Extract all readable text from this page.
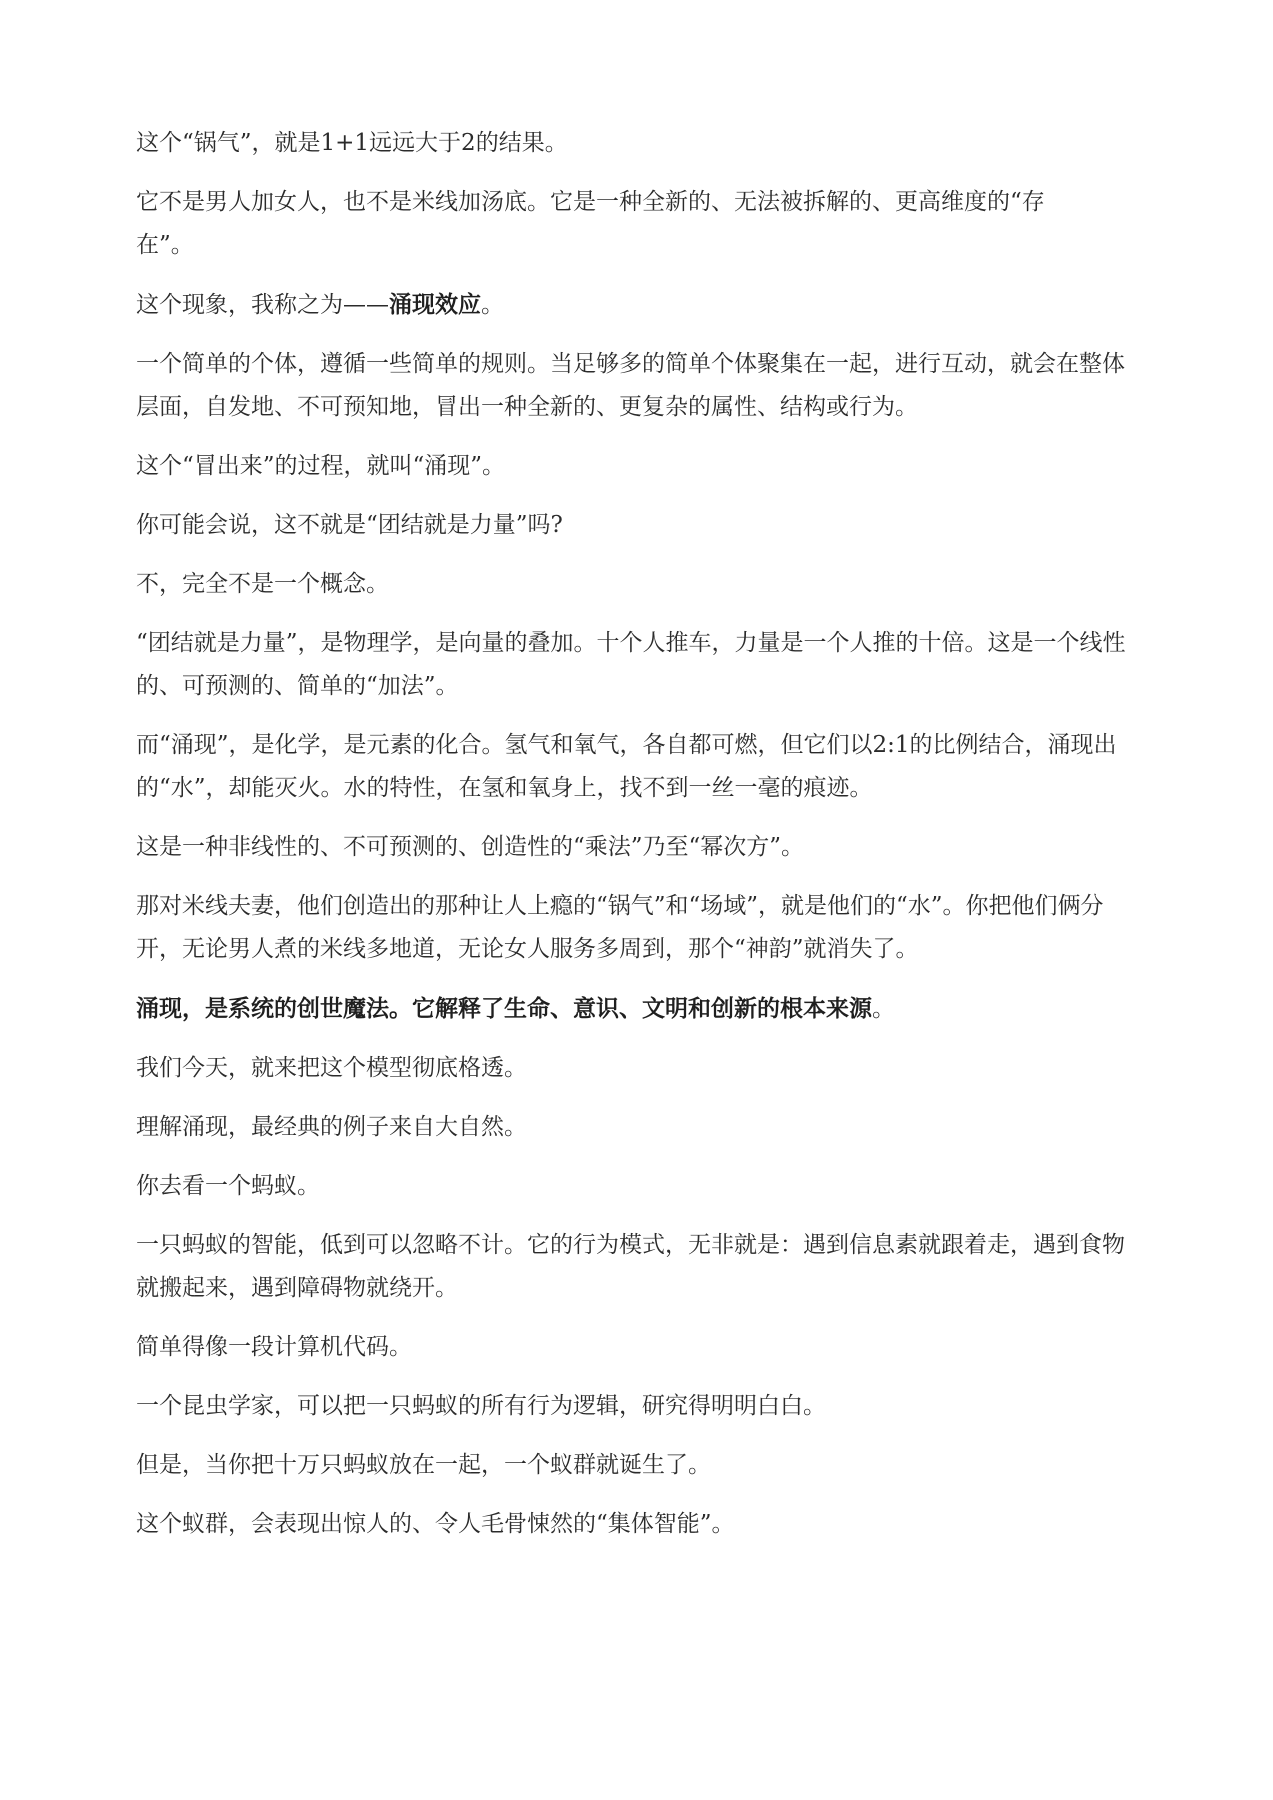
这个“锅气”，就是1+1远远大于2的结果。

它不是男人加女人，也不是米线加汤底。它是一种全新的、无法被拆解的、更高维度的“存在”。

这个现象，我称之为——涌现效应。

一个简单的个体，遵循一些简单的规则。当足够多的简单个体聚集在一起，进行互动，就会在整体层面，自发地、不可预知地，冒出一种全新的、更复杂的属性、结构或行为。

这个“冒出来”的过程，就叫“涌现”。

你可能会说，这不就是“团结就是力量”吗?

不，完全不是一个概念。

“团结就是力量”，是物理学，是向量的叠加。十个人推车，力量是一个人推的十倍。这是一个线性的、可预测的、简单的“加法”。

而“涌现”，是化学，是元素的化合。氢气和氧气，各自都可燃，但它们以2:1的比例结合，涌现出的“水”，却能灭火。水的特性，在氢和氧身上，找不到一丝一毫的痕迹。

这是一种非线性的、不可预测的、创造性的“乘法”乃至“幂次方”。

那对米线夫妻，他们创造出的那种让人上瘾的“锅气”和“场域”，就是他们的“水”。你把他们俩分开，无论男人煮的米线多地道，无论女人服务多周到，那个“神韵”就消失了。

涌现，是系统的创世魔法。它解释了生命、意识、文明和创新的根本来源。

我们今天，就来把这个模型彻底格透。

理解涌现，最经典的例子来自大自然。

你去看一个蚂蚁。

一只蚂蚁的智能，低到可以忽略不计。它的行为模式，无非就是：遇到信息素就跟着走，遇到食物就搬起来，遇到障碍物就绕开。

简单得像一段计算机代码。

一个昆虫学家，可以把一只蚂蚁的所有行为逻辑，研究得明明白白。

但是，当你把十万只蚂蚁放在一起，一个蚁群就诞生了。

这个蚁群，会表现出惊人的、令人毛骨悚然的“集体智能”。
